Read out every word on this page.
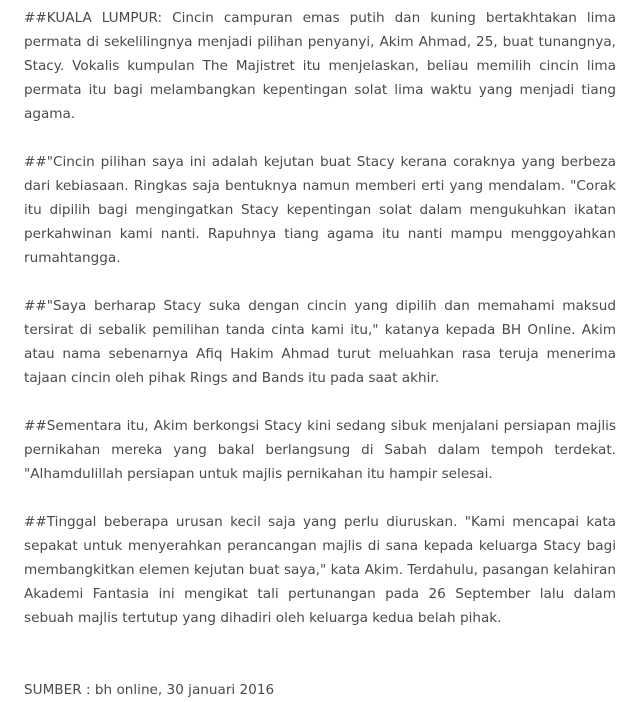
##KUALA LUMPUR: Cincin campuran emas putih dan kuning bertakhtakan lima permata di sekelilingnya menjadi pilihan penyanyi, Akim Ahmad, 25, buat tunangnya, Stacy. Vokalis kumpulan The Majistret itu menjelaskan, beliau memilih cincin lima permata itu bagi melambangkan kepentingan solat lima waktu yang menjadi tiang agama.

##"Cincin pilihan saya ini adalah kejutan buat Stacy kerana coraknya yang berbeza dari kebiasaan. Ringkas saja bentuknya namun memberi erti yang mendalam. "Corak itu dipilih bagi mengingatkan Stacy kepentingan solat dalam mengukuhkan ikatan perkahwinan kami nanti. Rapuhnya tiang agama itu nanti mampu menggoyahkan rumahtangga.

##"Saya berharap Stacy suka dengan cincin yang dipilih dan memahami maksud tersirat di sebalik pemilihan tanda cinta kami itu," katanya kepada BH Online. Akim atau nama sebenarnya Afiq Hakim Ahmad turut meluahkan rasa teruja menerima tajaan cincin oleh pihak Rings and Bands itu pada saat akhir.

##Sementara itu, Akim berkongsi Stacy kini sedang sibuk menjalani persiapan majlis pernikahan mereka yang bakal berlangsung di Sabah dalam tempoh terdekat. "Alhamdulillah persiapan untuk majlis pernikahan itu hampir selesai.

##Tinggal beberapa urusan kecil saja yang perlu diuruskan. "Kami mencapai kata sepakat untuk menyerahkan perancangan majlis di sana kepada keluarga Stacy bagi membangkitkan elemen kejutan buat saya," kata Akim. Terdahulu, pasangan kelahiran Akademi Fantasia ini mengikat tali pertunangan pada 26 September lalu dalam sebuah majlis tertutup yang dihadiri oleh keluarga kedua belah pihak.

SUMBER : bh online, 30 januari 2016
